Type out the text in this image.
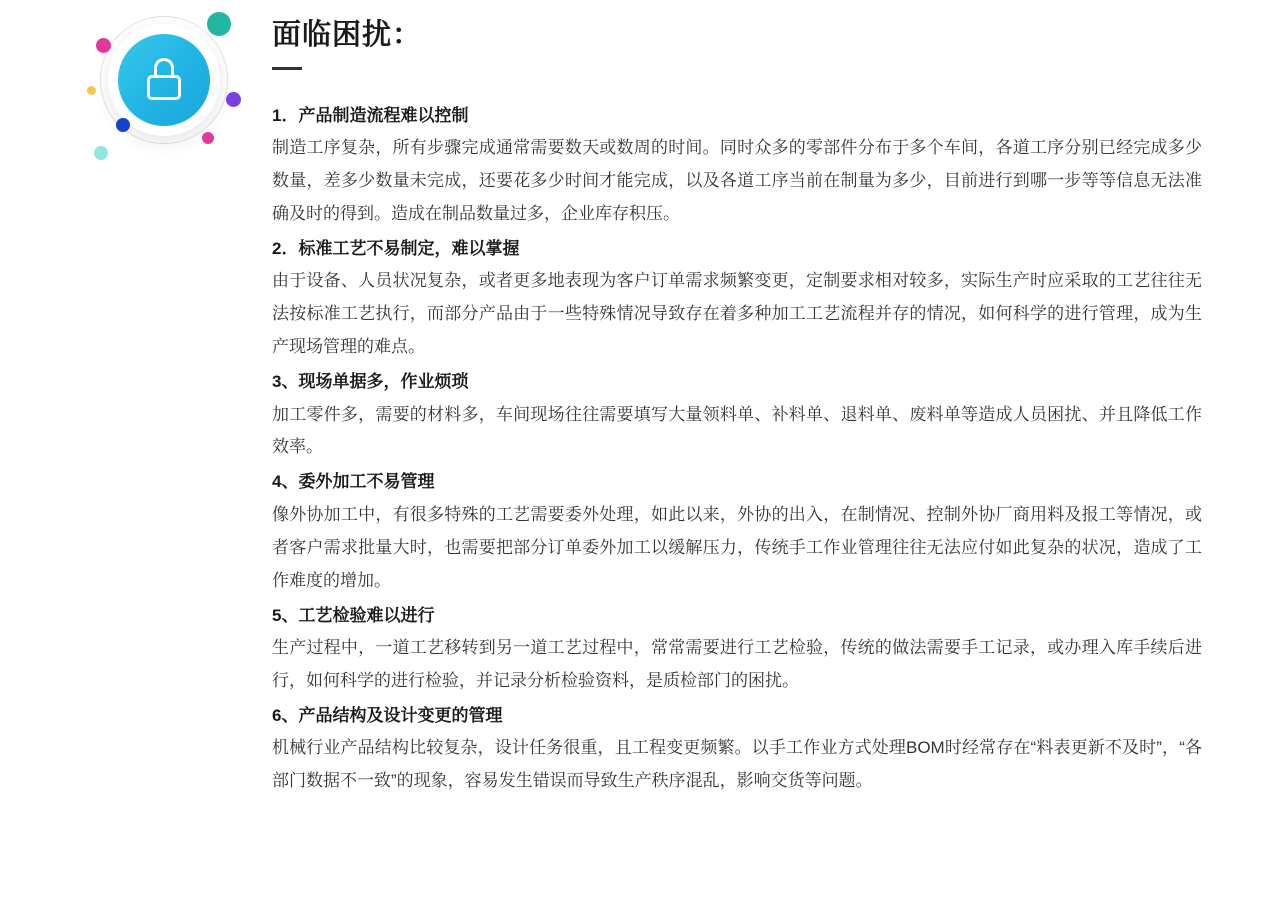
面临困扰：

1．产品制造流程难以控制

制造工序复杂，所有步骤完成通常需要数天或数周的时间。同时众多的零部件分布于多个车间，各道工序分别已经完成多少数量，差多少数量未完成，还要花多少时间才能完成，以及各道工序当前在制量为多少，目前进行到哪一步等等信息无法准确及时的得到。造成在制品数量过多，企业库存积压。

2．标准工艺不易制定，难以掌握

由于设备、人员状况复杂，或者更多地表现为客户订单需求频繁变更，定制要求相对较多，实际生产时应采取的工艺往往无法按标准工艺执行，而部分产品由于一些特殊情况导致存在着多种加工工艺流程并存的情况，如何科学的进行管理，成为生产现场管理的难点。

3、现场单据多，作业烦琐

加工零件多，需要的材料多，车间现场往往需要填写大量领料单、补料单、退料单、废料单等造成人员困扰、并且降低工作效率。

4、委外加工不易管理

像外协加工中，有很多特殊的工艺需要委外处理，如此以来，外协的出入，在制情况、控制外协厂商用料及报工等情况，或者客户需求批量大时，也需要把部分订单委外加工以缓解压力，传统手工作业管理往往无法应付如此复杂的状况，造成了工作难度的增加。

5、工艺检验难以进行

生产过程中，一道工艺移转到另一道工艺过程中，常常需要进行工艺检验，传统的做法需要手工记录，或办理入库手续后进行，如何科学的进行检验，并记录分析检验资料，是质检部门的困扰。

6、产品结构及设计变更的管理

机械行业产品结构比较复杂，设计任务很重，且工程变更频繁。以手工作业方式处理BOM时经常存在“料表更新不及时”，“各部门数据不一致”的现象，容易发生错误而导致生产秩序混乱，影响交货等问题。
